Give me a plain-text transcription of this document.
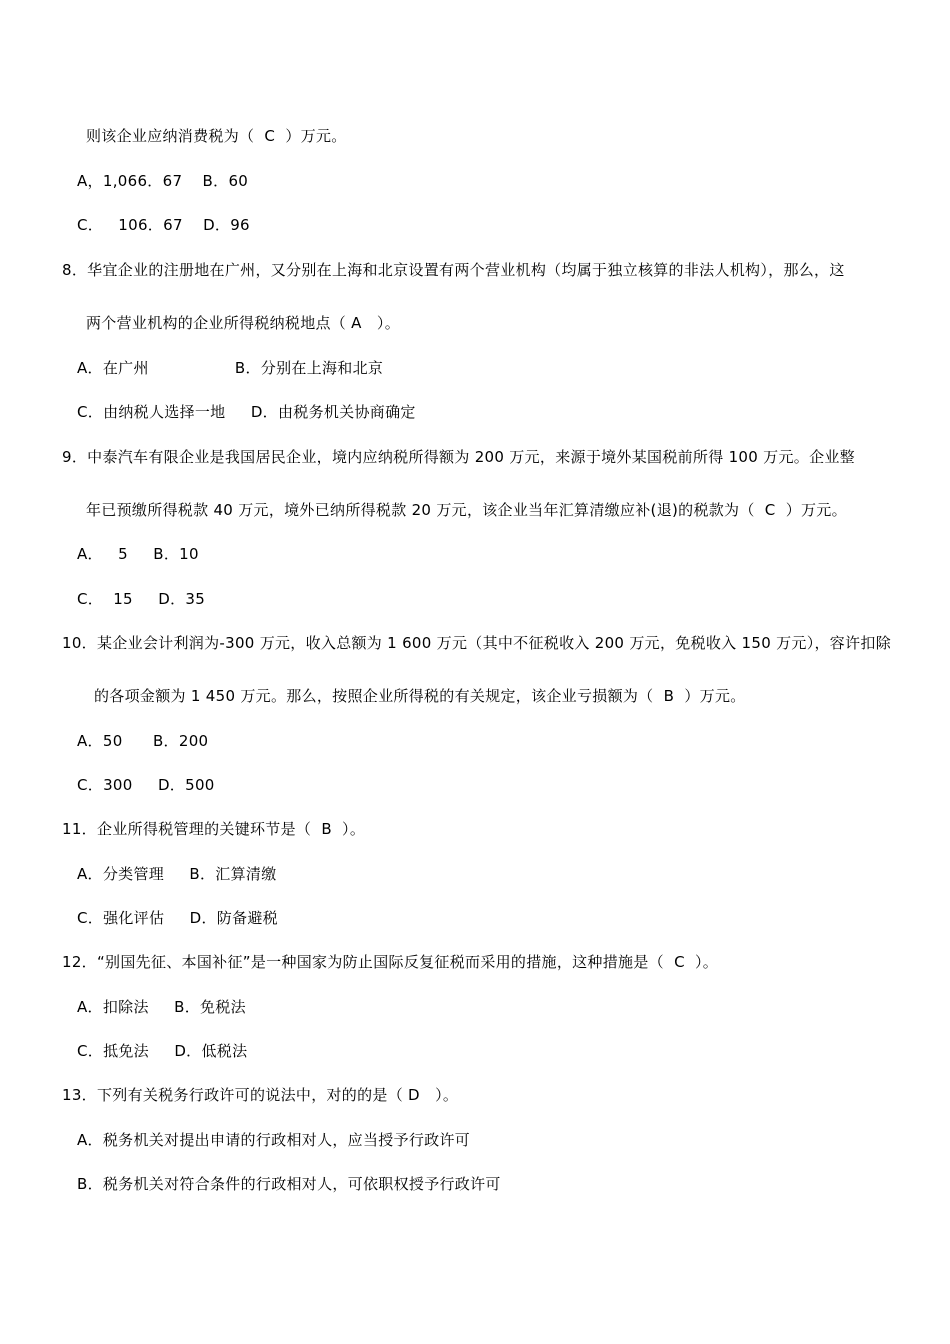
则该企业应纳消费税为（  C  ）万元。
A，1,066．67    B．60
C．   106．67    D．96
8．华宜企业的注册地在广州，又分别在上海和北京设置有两个营业机构（均属于独立核算的非法人机构），那么，这
两个营业机构的企业所得税纳税地点（ A   ）。
A．在广州                 B．分别在上海和北京
C．由纳税人选择一地     D．由税务机关协商确定
9．中泰汽车有限企业是我国居民企业，境内应纳税所得额为 200 万元，来源于境外某国税前所得 100 万元。企业整
年已预缴所得税款 40 万元，境外已纳所得税款 20 万元，该企业当年汇算清缴应补(退)的税款为（  C  ）万元。
A．   5     B．10
C．  15     D．35
10．某企业会计利润为-300 万元，收入总额为 1 600 万元（其中不征税收入 200 万元，免税收入 150 万元），容许扣除
的各项金额为 1 450 万元。那么，按照企业所得税的有关规定，该企业亏损额为（  B  ）万元。
A．50      B．200
C．300     D．500
11．企业所得税管理的关键环节是（  B  ）。
A．分类管理     B．汇算清缴
C．强化评估     D．防备避税
12．“别国先征、本国补征”是一种国家为防止国际反复征税而采用的措施，这种措施是（  C  ）。
A．扣除法     B．免税法
C．抵免法     D．低税法
13．下列有关税务行政许可的说法中，对的的是（ D   ）。
A．税务机关对提出申请的行政相对人，应当授予行政许可
B．税务机关对符合条件的行政相对人，可依职权授予行政许可
